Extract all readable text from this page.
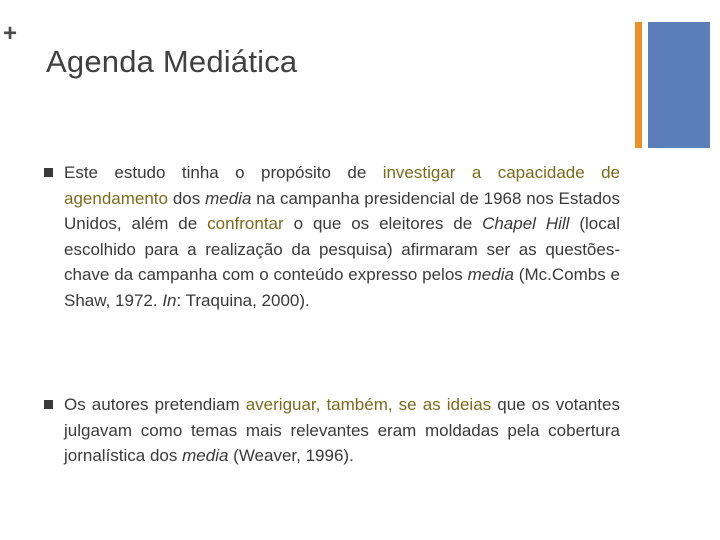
+
Agenda Mediática
Este estudo tinha o propósito de investigar a capacidade de agendamento dos media na campanha presidencial de 1968 nos Estados Unidos, além de confrontar o que os eleitores de Chapel Hill (local escolhido para a realização da pesquisa) afirmaram ser as questões-chave da campanha com o conteúdo expresso pelos media (Mc.Combs e Shaw, 1972. In: Traquina, 2000).
Os autores pretendiam averiguar, também, se as ideias que os votantes julgavam como temas mais relevantes eram moldadas pela cobertura jornalística dos media (Weaver, 1996).
